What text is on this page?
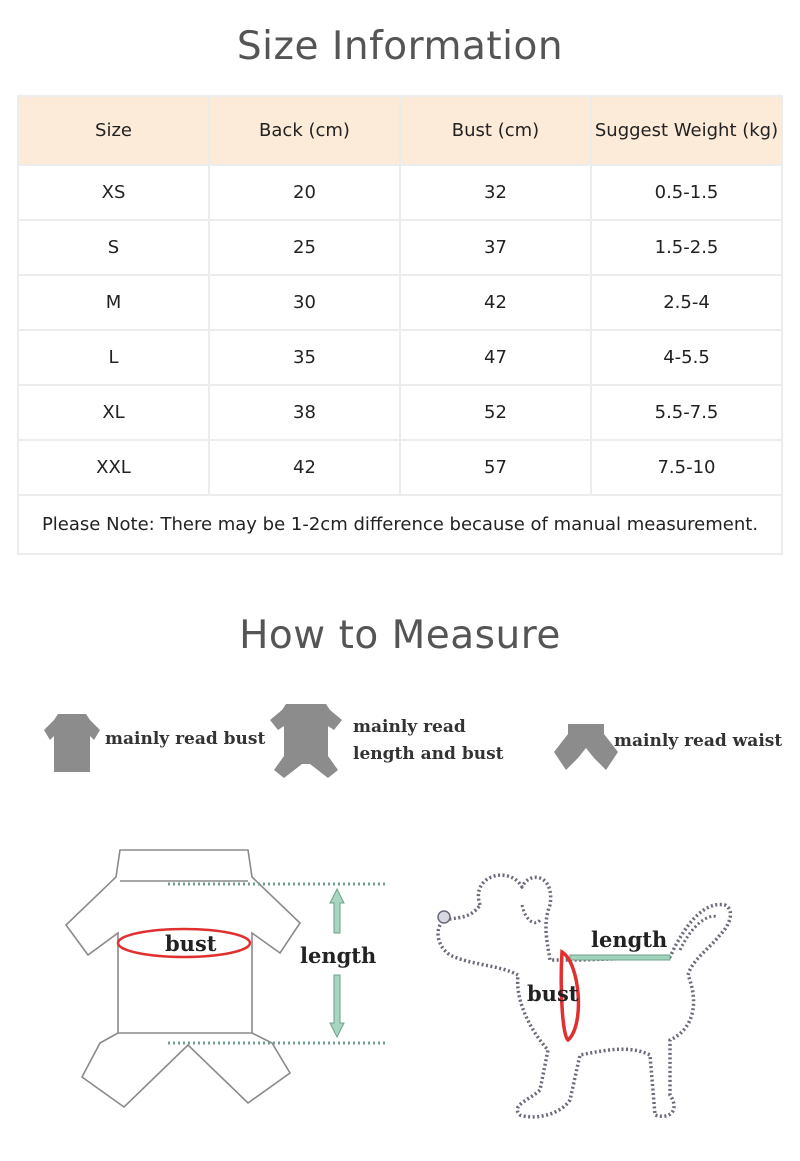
Size Information
Size	Back (cm)	Bust (cm)	Suggest Weight (kg)
XS	20	32	0.5-1.5
S	25	37	1.5-2.5
M	30	42	2.5-4
L	35	47	4-5.5
XL	38	52	5.5-7.5
XXL	42	57	7.5-10
Please Note: There may be 1-2cm difference because of manual measurement.			
How to Measure
mainly read bust
mainly read
length and bust
mainly read waist
bust	length
length
bust
